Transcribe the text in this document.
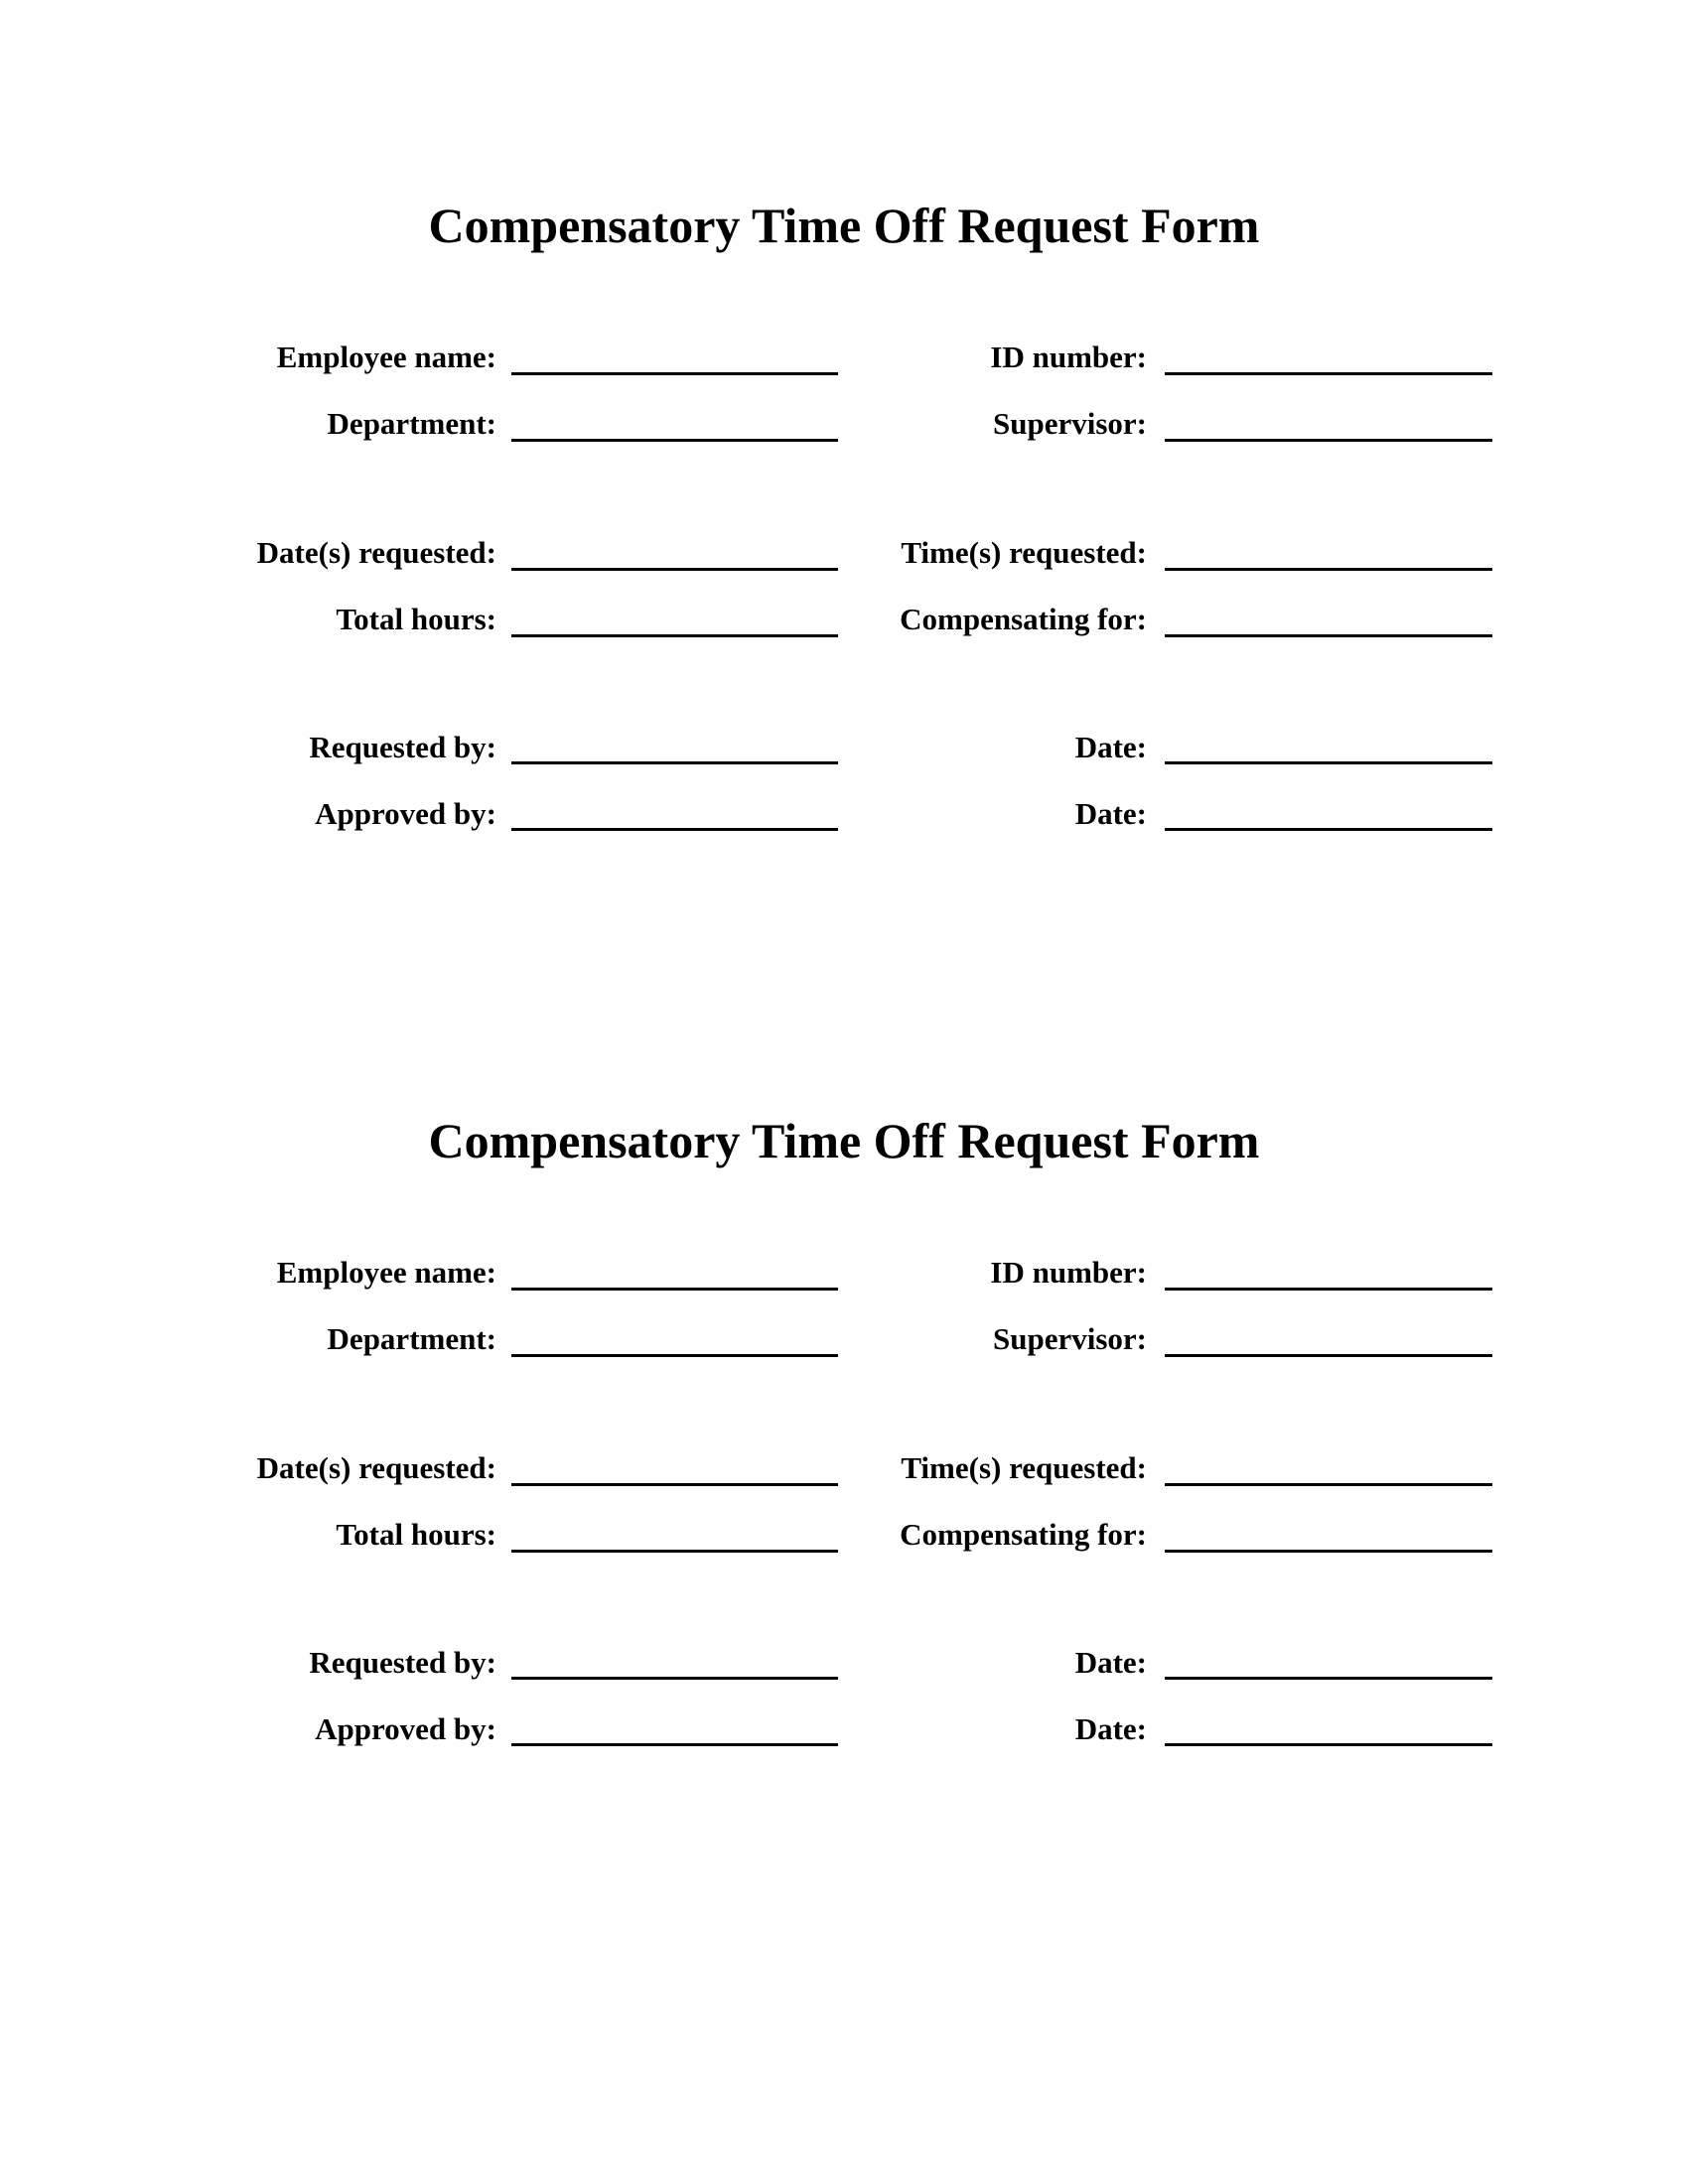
Compensatory Time Off Request Form
Employee name:	ID number:
Department:	Supervisor:
Date(s) requested:	Time(s) requested:
Total hours:	Compensating for:
Requested by:	Date:
Approved by:	Date:
Compensatory Time Off Request Form
Employee name:	ID number:
Department:	Supervisor:
Date(s) requested:	Time(s) requested:
Total hours:	Compensating for:
Requested by:	Date:
Approved by:	Date:
